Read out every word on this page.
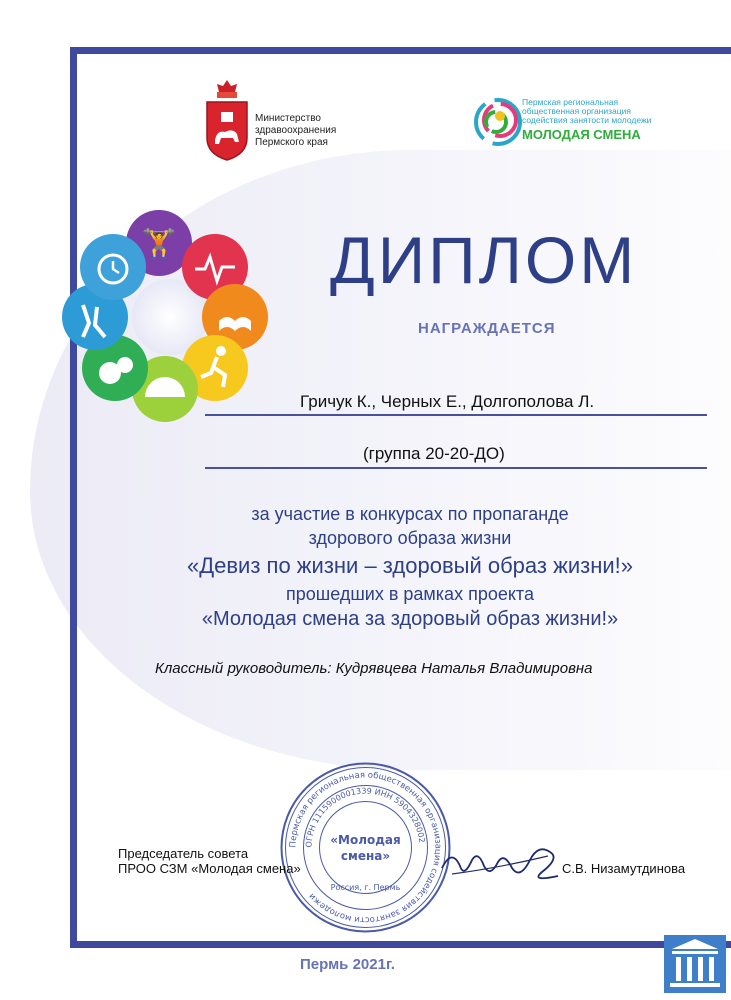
Министерство
здравоохранения
Пермского края
Пермская региональная
общественная организация
содействия занятости молодежи
МОЛОДАЯ СМЕНА
🏋 ДИПЛОМ
НАГРАЖДАЕТСЯ
Гричук К., Черных Е., Долгополова Л.
(группа 20-20-ДО)
за участие в конкурсах по пропаганде
здорового образа жизни
«Девиз по жизни – здоровый образ жизни!»
прошедших в рамках проекта
«Молодая смена за здоровый образ жизни!»
Классный руководитель: Кудрявцева Наталья Владимировна
Пермская региональная общественная организация содействия занятости молодежи
ОГРН 1115900001339 ИНН 5904328002
Россия, г. Пермь
«Молодая
смена»
Председатель совета
ПРОО СЗМ «Молодая смена»	С.В. Низамутдинова
Пермь 2021г.
